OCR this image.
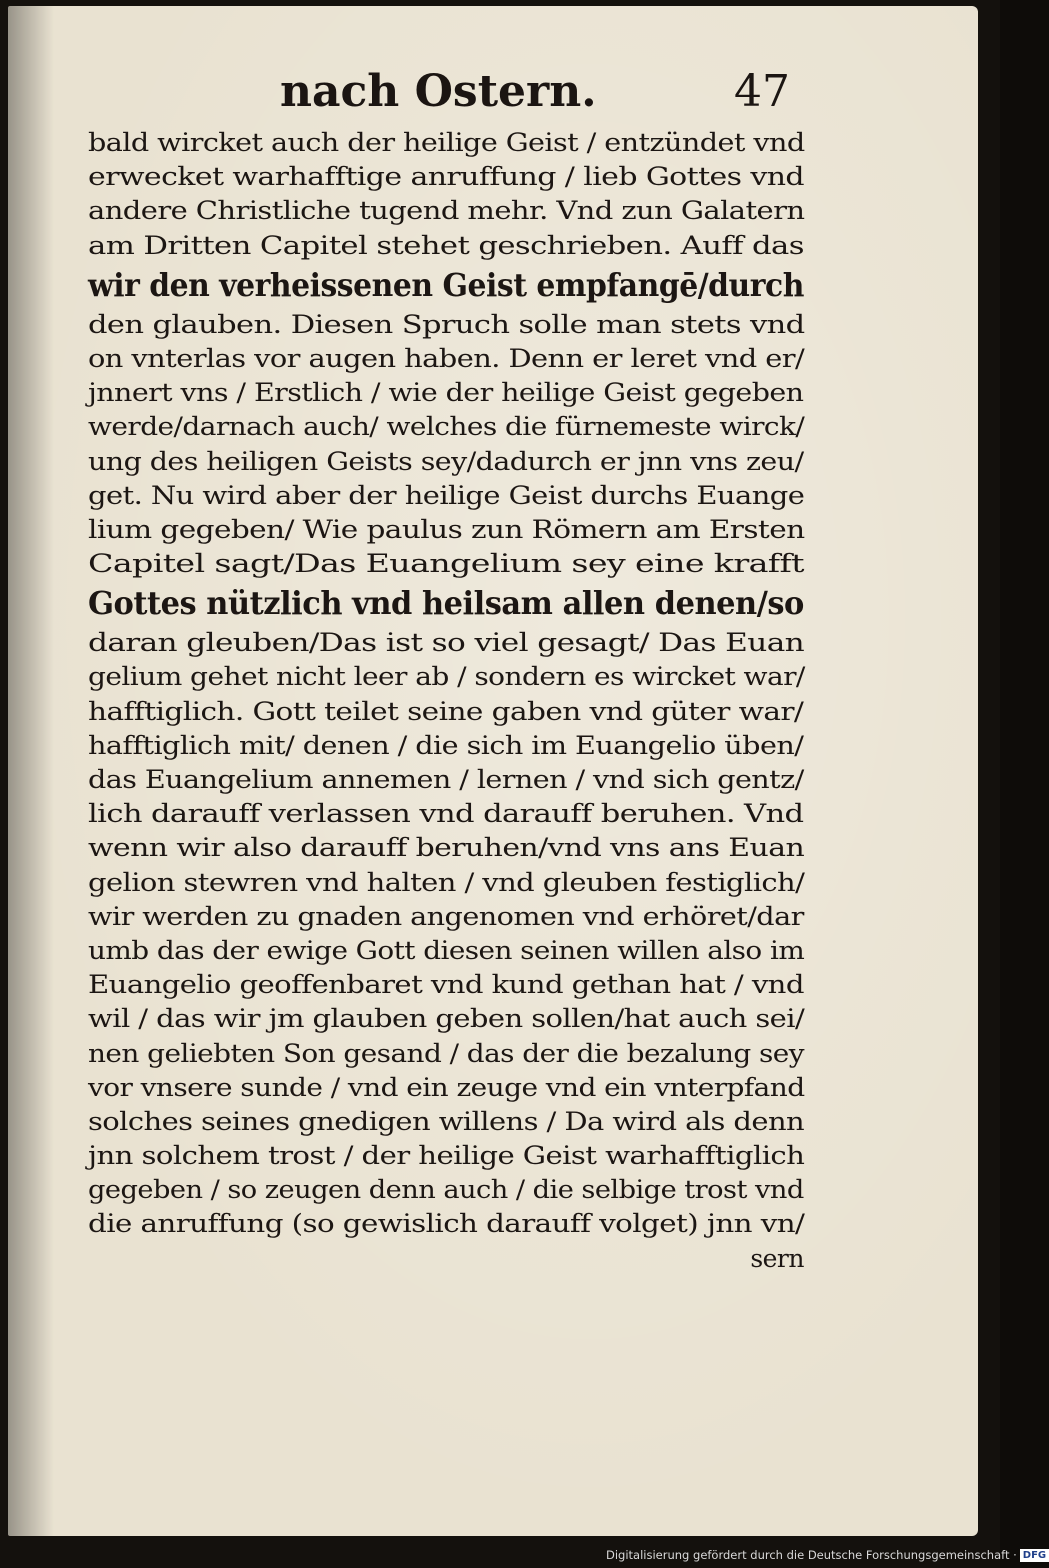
nach Ostern.	47
bald wircket auch der heilige Geist / entzündet vnd
erwecket warhafftige anruffung / lieb Gottes vnd
andere Christliche tugend mehr. Vnd zun Galatern
am Dritten Capitel stehet geschrieben. Auff das
wir den verheissenen Geist empfangē/durch
den glauben. Diesen Spruch solle man stets vnd
on vnterlas vor augen haben. Denn er leret vnd er/
jnnert vns / Erstlich / wie der heilige Geist gegeben
werde/darnach auch/ welches die fürnemeste wirck/
ung des heiligen Geists sey/dadurch er jnn vns zeu/
get. Nu wird aber der heilige Geist durchs Euange
lium gegeben/ Wie paulus zun Römern am Ersten
Capitel sagt/Das Euangelium sey eine krafft
Gottes nützlich vnd heilsam allen denen/so
daran gleuben/Das ist so viel gesagt/ Das Euan
gelium gehet nicht leer ab / sondern es wircket war/
hafftiglich. Gott teilet seine gaben vnd güter war/
hafftiglich mit/ denen / die sich im Euangelio üben/
das Euangelium annemen / lernen / vnd sich gentz/
lich darauff verlassen vnd darauff beruhen. Vnd
wenn wir also darauff beruhen/vnd vns ans Euan
gelion stewren vnd halten / vnd gleuben festiglich/
wir werden zu gnaden angenomen vnd erhöret/dar
umb das der ewige Gott diesen seinen willen also im
Euangelio geoffenbaret vnd kund gethan hat / vnd
wil / das wir jm glauben geben sollen/hat auch sei/
nen geliebten Son gesand / das der die bezalung sey
vor vnsere sunde / vnd ein zeuge vnd ein vnterpfand
solches seines gnedigen willens / Da wird als denn
jnn solchem trost / der heilige Geist warhafftiglich
gegeben / so zeugen denn auch / die selbige trost vnd
die anruffung (so gewislich darauff volget) jnn vn/
sern
Digitalisierung gefördert durch die Deutsche Forschungsgemeinschaft · DFG
